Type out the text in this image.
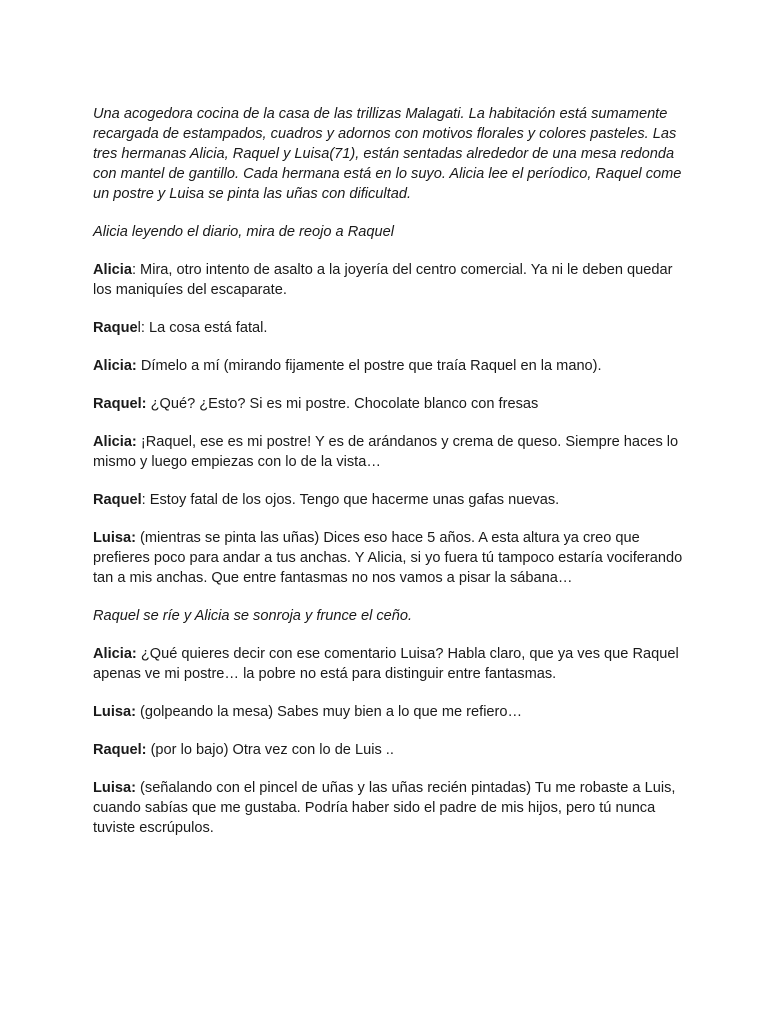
Una acogedora cocina de la casa de las trillizas Malagati. La habitación está sumamente recargada de estampados, cuadros y adornos con motivos florales y colores pasteles. Las tres hermanas Alicia, Raquel y Luisa(71), están sentadas alrededor de una mesa redonda con mantel de gantillo. Cada hermana está en lo suyo. Alicia lee el períodico, Raquel come un postre y Luisa se pinta las uñas con dificultad.

Alicia leyendo el diario, mira de reojo a Raquel

Alicia: Mira, otro intento de asalto a la joyería del centro comercial. Ya ni le deben quedar los maniquíes del escaparate.

Raquel: La cosa está fatal.

Alicia: Dímelo a mí (mirando fijamente el postre que traía Raquel en la mano).

Raquel: ¿Qué? ¿Esto? Si es mi postre. Chocolate blanco con fresas

Alicia: ¡Raquel, ese es mi postre! Y es de arándanos y crema de queso. Siempre haces lo mismo y luego empiezas con lo de la vista…

Raquel: Estoy fatal de los ojos. Tengo que hacerme unas gafas nuevas.

Luisa: (mientras se pinta las uñas) Dices eso hace 5 años. A esta altura ya creo que prefieres poco para andar a tus anchas. Y Alicia, si yo fuera tú tampoco estaría vociferando tan a mis anchas. Que entre fantasmas no nos vamos a pisar la sábana…

Raquel se ríe y Alicia se sonroja y frunce el ceño.

Alicia: ¿Qué quieres decir con ese comentario Luisa? Habla claro, que ya ves que Raquel apenas ve mi postre… la pobre no está para distinguir entre fantasmas.

Luisa: (golpeando la mesa) Sabes muy bien a lo que me refiero…

Raquel: (por lo bajo) Otra vez con lo de Luis ..

Luisa: (señalando con el pincel de uñas y las uñas recién pintadas) Tu me robaste a Luis, cuando sabías que me gustaba. Podría haber sido el padre de mis hijos, pero tú nunca tuviste escrúpulos.
